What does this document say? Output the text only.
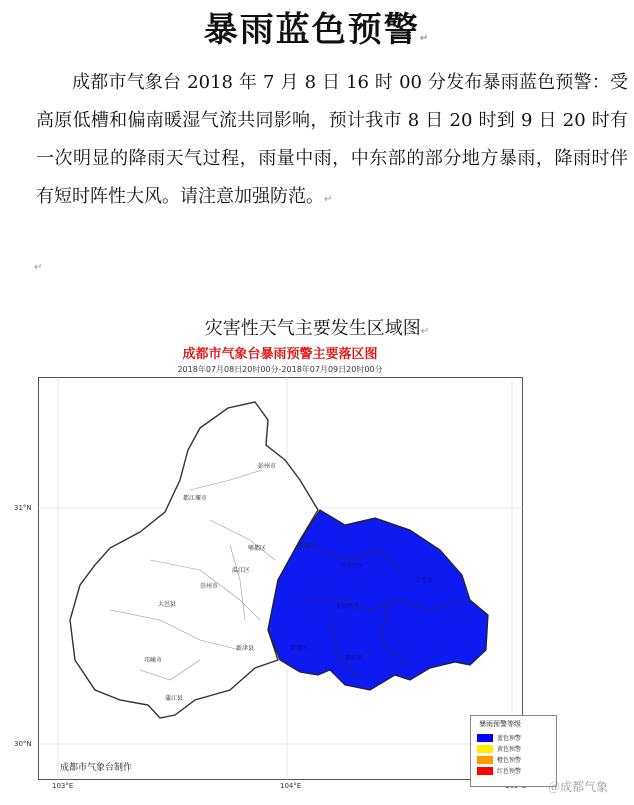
暴雨蓝色预警↵
成都市气象台 2018 年 7 月 8 日 16 时 00 分发布暴雨蓝色预警：受高原低槽和偏南暖湿气流共同影响，预计我市 8 日 20 时到 9 日 20 时有一次明显的降雨天气过程，雨量中雨，中东部的部分地方暴雨，降雨时伴有短时阵性大风。请注意加强防范。↵
↵
灾害性天气主要发生区域图↵
成都市气象台暴雨预警主要落区图
2018年07月08日20时00分-2018年07月09日20时00分
31°N
30°N
103°E	104°E
彭州市
都江堰市
郫都区	新都区
温江区
崇州市
大邑县
新津县
邛崃市
蒲江县
双流区
金堂县
简阳市
龙泉驿区
青白江区
暴雨预警等级
蓝色预警
黄色预警
橙色预警
红色预警
成都市气象台制作
＠成都气象
